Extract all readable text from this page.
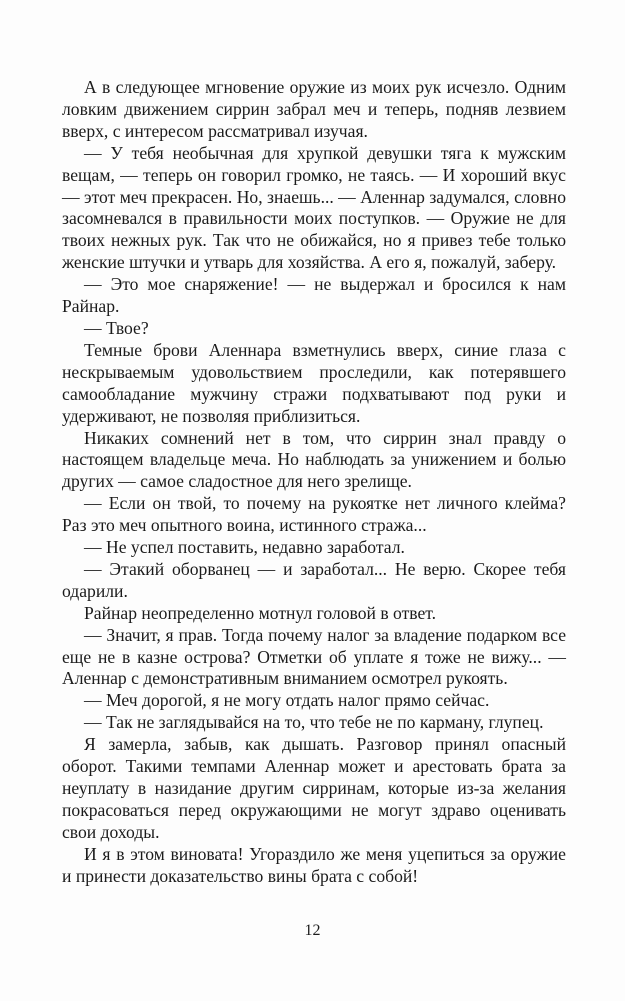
А в следующее мгновение оружие из моих рук исчезло. Одним ловким движением сиррин забрал меч и теперь, подняв лезвием вверх, с интересом рассматривал изучая.

— У тебя необычная для хрупкой девушки тяга к мужским вещам, — теперь он говорил громко, не таясь. — И хороший вкус — этот меч прекрасен. Но, знаешь... — Аленнар задумался, словно засомневался в правильности моих поступков. — Оружие не для твоих нежных рук. Так что не обижайся, но я привез тебе только женские штучки и утварь для хозяйства. А его я, пожалуй, заберу.

— Это мое снаряжение! — не выдержал и бросился к нам Райнар.

— Твое?

Темные брови Аленнара взметнулись вверх, синие глаза с нескрываемым удовольствием проследили, как потерявшего самообладание мужчину стражи подхватывают под руки и удерживают, не позволяя приблизиться.

Никаких сомнений нет в том, что сиррин знал правду о настоящем владельце меча. Но наблюдать за унижением и болью других — самое сладостное для него зрелище.

— Если он твой, то почему на рукоятке нет личного клейма? Раз это меч опытного воина, истинного стража...

— Не успел поставить, недавно заработал.

— Этакий оборванец — и заработал... Не верю. Скорее тебя одарили.

Райнар неопределенно мотнул головой в ответ.

— Значит, я прав. Тогда почему налог за владение подарком все еще не в казне острова? Отметки об уплате я тоже не вижу... — Аленнар с демонстративным вниманием осмотрел рукоять.

— Меч дорогой, я не могу отдать налог прямо сейчас.

— Так не заглядывайся на то, что тебе не по карману, глупец.

Я замерла, забыв, как дышать. Разговор принял опасный оборот. Такими темпами Аленнар может и арестовать брата за неуплату в назидание другим сирринам, которые из-за желания покрасоваться перед окружающими не могут здраво оценивать свои доходы.

И я в этом виновата! Угораздило же меня уцепиться за оружие и принести доказательство вины брата с собой!

12
